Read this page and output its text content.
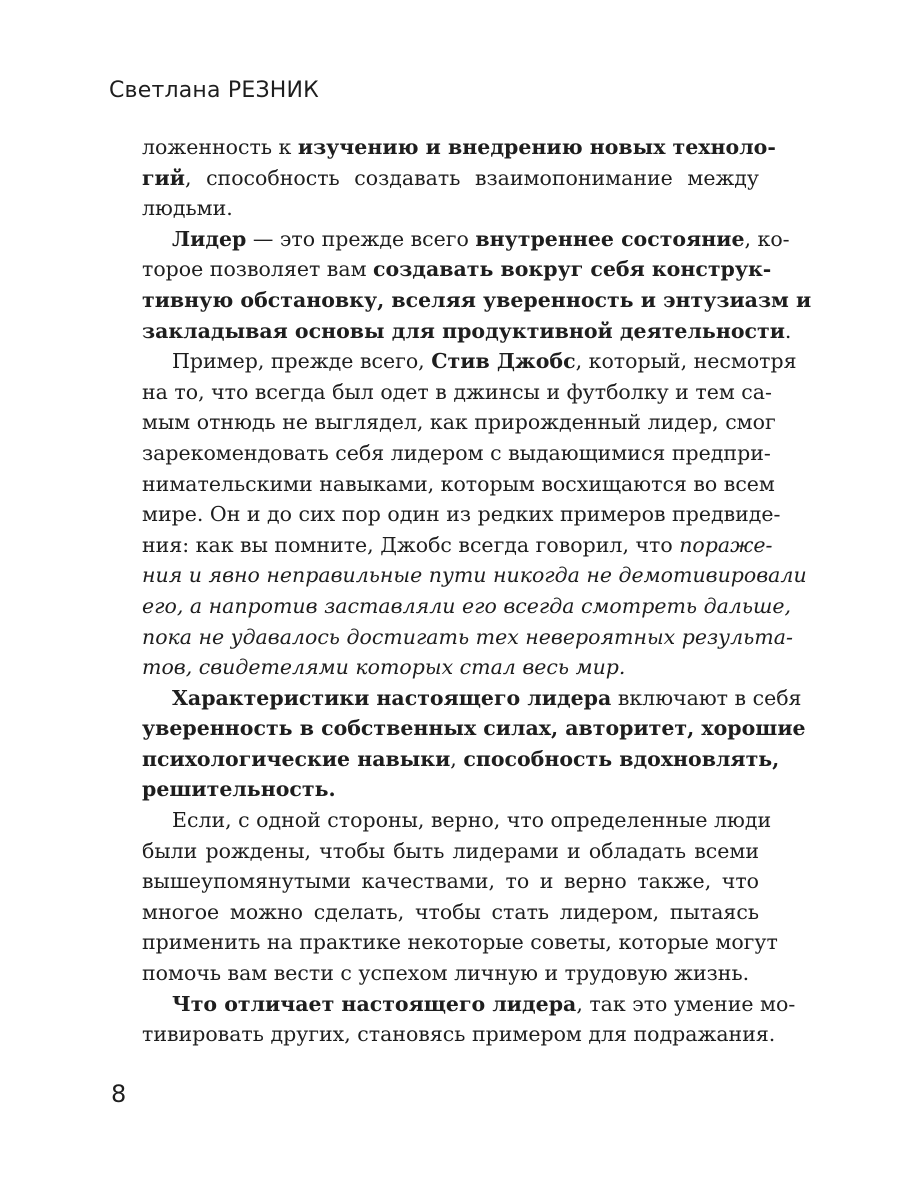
Светлана РЕЗНИК
ложенность к изучению и внедрению новых техноло-
гий, способность создавать взаимопонимание между
людьми.
Лидер — это прежде всего внутреннее состояние, ко-
торое позволяет вам создавать вокруг себя конструк-
тивную обстановку, вселяя уверенность и энтузиазм и
закладывая основы для продуктивной деятельности.
Пример, прежде всего, Стив Джобс, который, несмотря
на то, что всегда был одет в джинсы и футболку и тем са-
мым отнюдь не выглядел, как прирожденный лидер, смог
зарекомендовать себя лидером с выдающимися предпри-
нимательскими навыками, которым восхищаются во всем
мире. Он и до сих пор один из редких примеров предвиде-
ния: как вы помните, Джобс всегда говорил, что пораже-
ния и явно неправильные пути никогда не демотивировали
его, а напротив заставляли его всегда смотреть дальше,
пока не удавалось достигать тех невероятных результа-
тов, свидетелями которых стал весь мир.
Характеристики настоящего лидера включают в себя
уверенность в собственных силах, авторитет, хорошие
психологические навыки, способность вдохновлять,
решительность.
Если, с одной стороны, верно, что определенные люди
были рождены, чтобы быть лидерами и обладать всеми
вышеупомянутыми качествами, то и верно также, что
многое можно сделать, чтобы стать лидером, пытаясь
применить на практике некоторые советы, которые могут
помочь вам вести с успехом личную и трудовую жизнь.
Что отличает настоящего лидера, так это умение мо-
тивировать других, становясь примером для подражания.
8
